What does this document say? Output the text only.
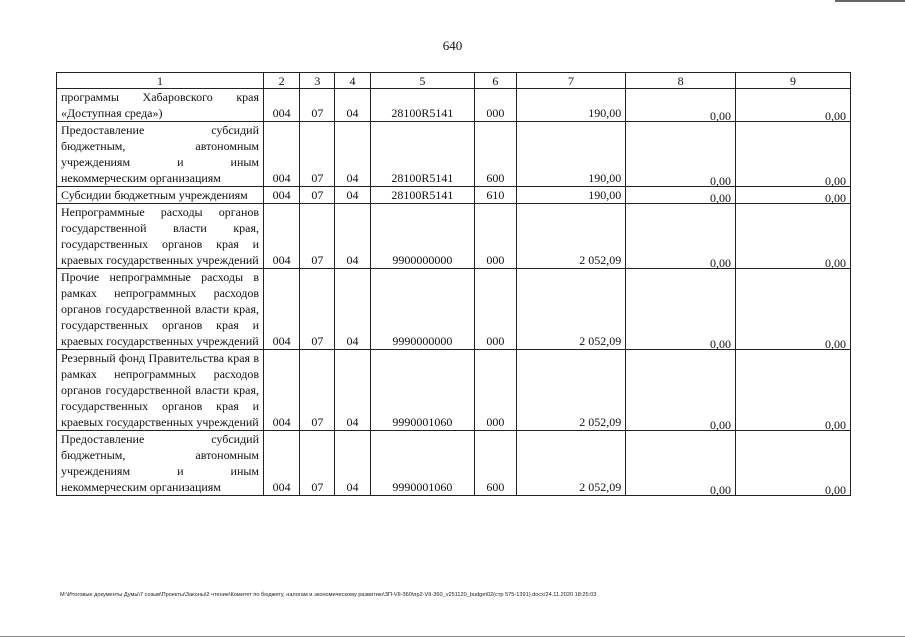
640
1	2	3	4	5	6	7	8	9
программы Хабаровского края «Доступная среда»)	004	07	04	28100R5141	000	190,00	0,00	0,00
Предоставление субсидий бюджетным, автономным учреждениям и иным некоммерческим организациям	004	07	04	28100R5141	600	190,00	0,00	0,00
Субсидии бюджетным учреждениям	004	07	04	28100R5141	610	190,00	0,00	0,00
Непрограммные расходы органов государственной власти края, государственных органов края и краевых государственных учреждений	004	07	04	9900000000	000	2 052,09	0,00	0,00
Прочие непрограммные расходы в рамках непрограммных расходов органов государственной власти края, государственных органов края и краевых государственных учреждений	004	07	04	9990000000	000	2 052,09	0,00	0,00
Резервный фонд Правительства края в рамках непрограммных расходов органов государственной власти края, государственных органов края и краевых государственных учреждений	004	07	04	9990001060	000	2 052,09	0,00	0,00
Предоставление субсидий бюджетным, автономным учреждениям и иным некоммерческим организациям	004	07	04	9990001060	600	2 052,09	0,00	0,00
M:\Итоговые документы Думы\7 созыв\Проекты\Законы\2 чтение\Комитет по бюджету, налогам и экономическому развитию\ЗП-VII-360\пр2-VII-360_v251120_budget02(стр 575-1391).docx/24.11.2020 18:25:03
